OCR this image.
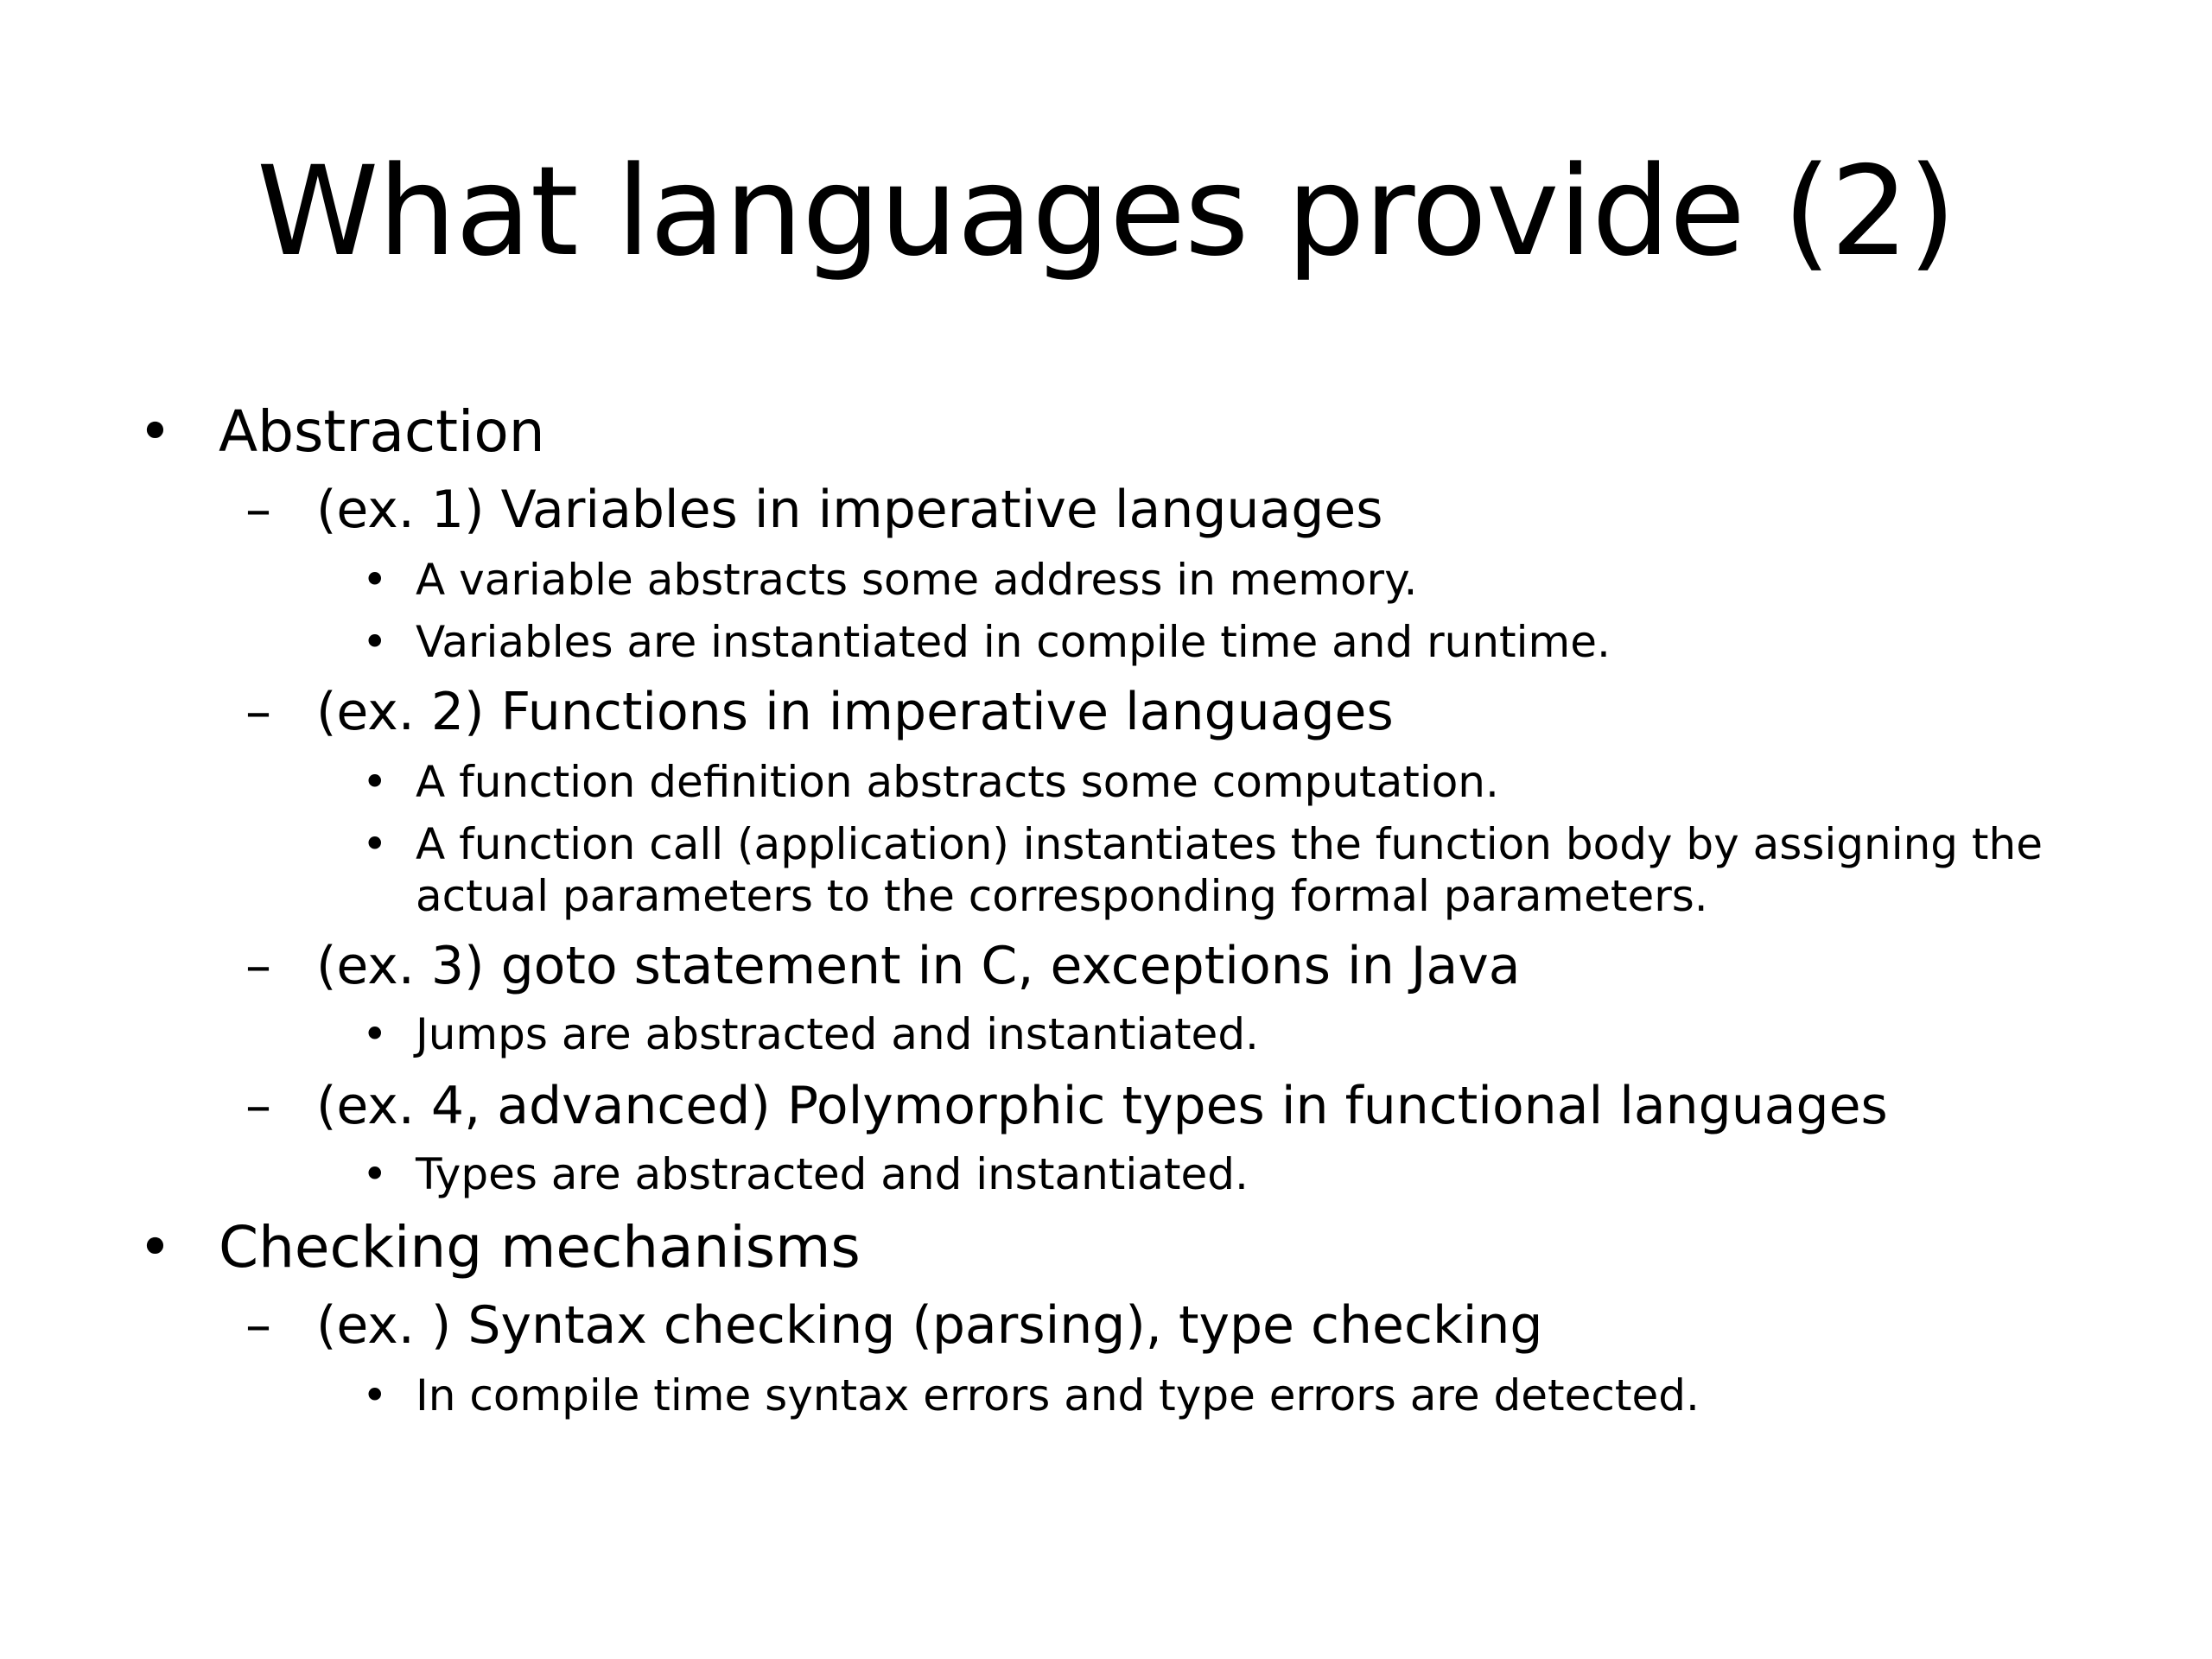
What languages provide (2)
• Abstraction
– (ex. 1) Variables in imperative languages
• A variable abstracts some address in memory.
• Variables are instantiated in compile time and runtime.
– (ex. 2) Functions in imperative languages
• A function definition abstracts some computation.
• A function call (application) instantiates the function body by assigning the
actual parameters to the corresponding formal parameters.
– (ex. 3) goto statement in C, exceptions in Java
• Jumps are abstracted and instantiated.
– (ex. 4, advanced) Polymorphic types in functional languages
• Types are abstracted and instantiated.
• Checking mechanisms
– (ex. ) Syntax checking (parsing), type checking
• In compile time syntax errors and type errors are detected.
